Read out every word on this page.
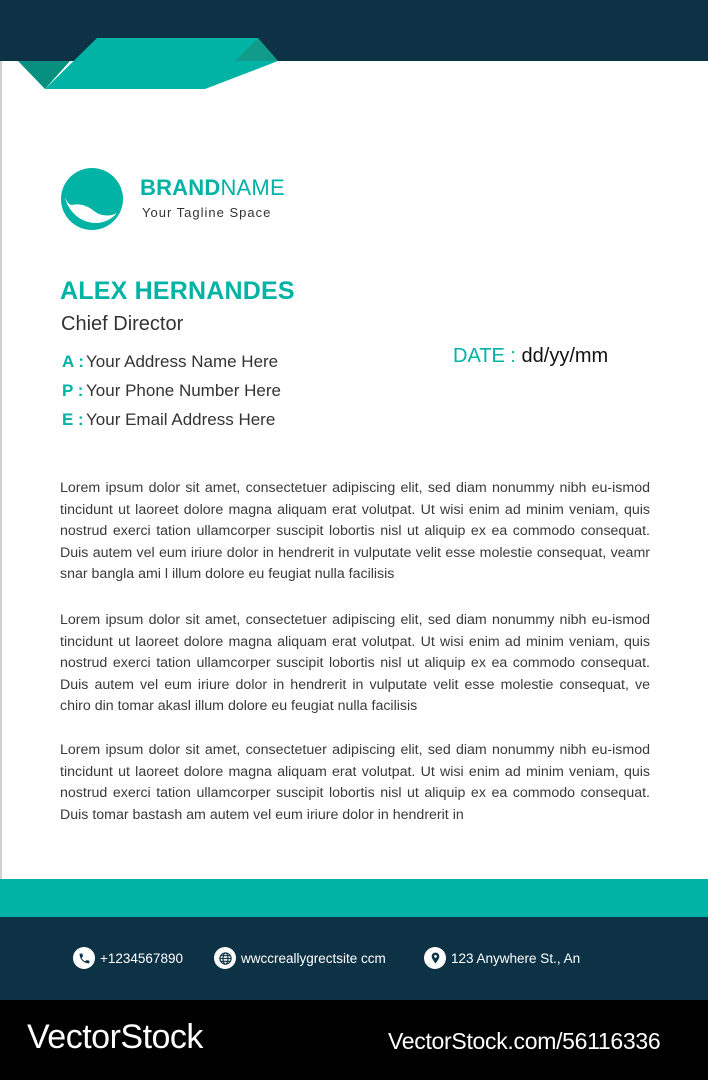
BRANDNAME
Your Tagline Space
ALEX HERNANDES
Chief Director
A : Your Address Name Here
P : Your Phone Number Here
E : Your Email Address Here
DATE : dd/yy/mm
Lorem ipsum dolor sit amet, consectetuer adipiscing elit, sed diam nonummy nibh eu-ismod tincidunt ut laoreet dolore magna aliquam erat volutpat. Ut wisi enim ad minim veniam, quis nostrud exerci tation ullamcorper suscipit lobortis nisl ut aliquip ex ea commodo consequat. Duis autem vel eum iriure dolor in hendrerit in vulputate velit esse molestie consequat, veamr snar bangla ami l illum dolore eu feugiat nulla facilisis
Lorem ipsum dolor sit amet, consectetuer adipiscing elit, sed diam nonummy nibh eu-ismod tincidunt ut laoreet dolore magna aliquam erat volutpat. Ut wisi enim ad minim veniam, quis nostrud exerci tation ullamcorper suscipit lobortis nisl ut aliquip ex ea commodo consequat. Duis autem vel eum iriure dolor in hendrerit in vulputate velit esse molestie consequat, ve chiro din tomar akasl illum dolore eu feugiat nulla facilisis
Lorem ipsum dolor sit amet, consectetuer adipiscing elit, sed diam nonummy nibh eu-ismod tincidunt ut laoreet dolore magna aliquam erat volutpat. Ut wisi enim ad minim veniam, quis nostrud exerci tation ullamcorper suscipit lobortis nisl ut aliquip ex ea commodo consequat. Duis tomar bastash am autem vel eum iriure dolor in hendrerit in
+1234567890	wwccreallygrectsite ccm	123 Anywhere St., An
VectorStock	VectorStock.com/56116336
